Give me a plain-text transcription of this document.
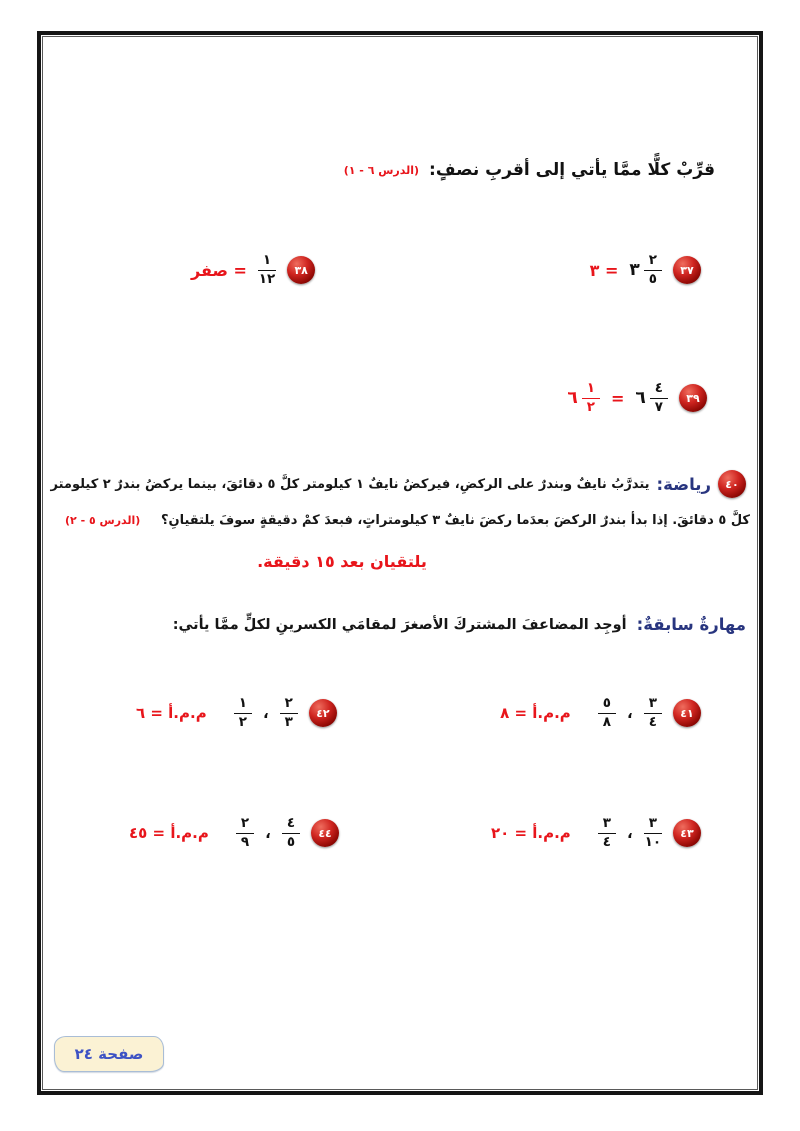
قرِّبْ كلًّا ممَّا يأتي إلى أقربِ نصفٍ:
(الدرس ٦ - ١)
٣٧
٣ $\frac{٢}{٥}$
= ٣
٣٨
$\frac{١}{١٢}$
= صفر
٣٩
٦ $\frac{٤}{٧}$
=
٦ $\frac{١}{٢}$
٤٠
رياضة:
يتدرَّبُ نايفٌ وبندرٌ على الركضِ، فيركضُ نايفٌ ١ كيلومتر كلَّ ٥ دقائقَ، بينما يركضُ بندرٌ ٢ كيلومتر
كلَّ ٥ دقائقَ. إذا بدأ بندرٌ الركضَ بعدَما ركضَ نايفٌ ٣ كيلومتراتٍ، فبعدَ كمْ دقيقةٍ سوفَ يلتقيانِ؟
(الدرس ٥ - ٢)
يلتقيان بعد ١٥ دقيقة.
مهارةٌ سابقةٌ:
أوجِد المضاعفَ المشتركَ الأصغرَ لمقامَي الكسرينِ لكلٍّ ممَّا يأتي:
٤١
$\frac{٣}{٤}$
،
$\frac{٥}{٨}$
م.م.أ = ٨
٤٢
$\frac{٢}{٣}$
،
$\frac{١}{٢}$
م.م.أ = ٦
٤٣
$\frac{٣}{١٠}$
،
$\frac{٣}{٤}$
م.م.أ = ٢٠
٤٤
$\frac{٤}{٥}$
،
$\frac{٢}{٩}$
م.م.أ = ٤٥
صفحة ٢٤
